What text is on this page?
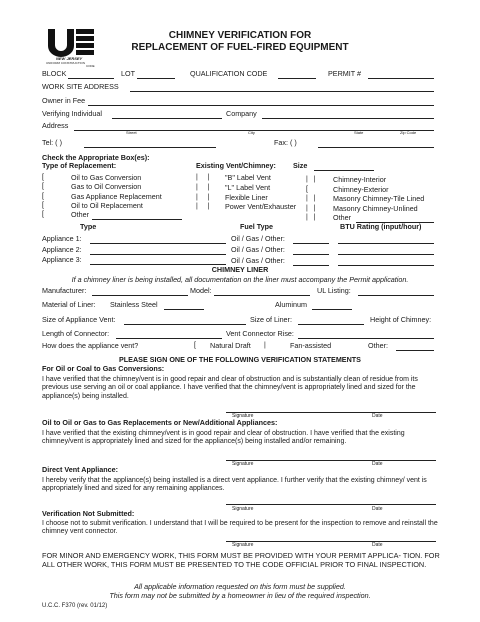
NEW JERSEY
UNIFORM CONSTRUCTION
CODE
CHIMNEY VERIFICATION FOR
REPLACEMENT OF FUEL-FIRED EQUIPMENT
BLOCK	LOT	QUALIFICATION CODE	PERMIT #
WORK SITE ADDRESS
Owner in Fee
Verifying Individual	Company
Address
Street	City	State	Zip Code
Tel: ( )	Fax: ( )
Check the Appropriate Box(es):
Type of Replacement:	Existing Vent/Chimney: Size
[	Oil to Gas Conversion
[	Gas to Oil Conversion
[	Gas Appliance Replacement
[	Oil to Oil Replacement
[	Other
|     | "B" Label Vent
|     | "L" Label Vent
|     | Flexible Liner
|     | Power Vent/Exhauster
|   | Chimney-Interior
[	Chimney-Exterior
|   | Masonry Chimney-Tile Lined
|   | Masonry Chimney-Unlined
|   | Other
Type	Fuel Type	BTU Rating (input/hour)
Appliance 1:	Oil / Gas / Other:
Appliance 2:	Oil / Gas / Other:
Appliance 3:	Oil / Gas / Other:
CHIMNEY LINER
If a chimney liner is being installed, all documentation on the liner must accompany the Permit application.
Manufacturer:	Model:	UL Listing:
Material of Liner: Stainless Steel	Aluminum
Size of Appliance Vent:	Size of Liner:	Height of Chimney:
Length of Connector:	Vent Connector Rise:
How does the appliance vent?	[ Natural Draft |	Fan-assisted	Other:
PLEASE SIGN ONE OF THE FOLLOWING VERIFICATION STATEMENTS
For Oil or Coal to Gas Conversions:
I have verified that the chimney/vent is in good repair and clear of obstruction and is substantially clean of residue from its previous use serving an oil or coal appliance. I have verified that the chimney/vent is appropriately lined and sized for the appliance(s) being installed.
Signature	Date
Oil to Oil or Gas to Gas Replacements or New/Additional Appliances:
I have verified that the existing chimney/vent is in good repair and clear of obstruction. I have verified that the existing chimney/vent is appropriately lined and sized for the appliance(s) being installed and/or remaining.
Signature	Date
Direct Vent Appliance:
I hereby verify that the appliance(s) being installed is a direct vent appliance. I further verify that the existing chimney/ vent is appropriately lined and sized for any remaining appliances.
Signature	Date
Verification Not Submitted:
I choose not to submit verification. I understand that I will be required to be present for the inspection to remove and reinstall the chimney vent connector.
Signature	Date
FOR MINOR AND EMERGENCY WORK, THIS FORM MUST BE PROVIDED WITH YOUR PERMIT APPLICA- TION. FOR ALL OTHER WORK, THIS FORM MUST BE PRESENTED TO THE CODE OFFICIAL PRIOR TO FINAL INSPECTION.
All applicable information requested on this form must be supplied.
This form may not be submitted by a homeowner in lieu of the required inspection.
U.C.C. F370 (rev. 01/12)
